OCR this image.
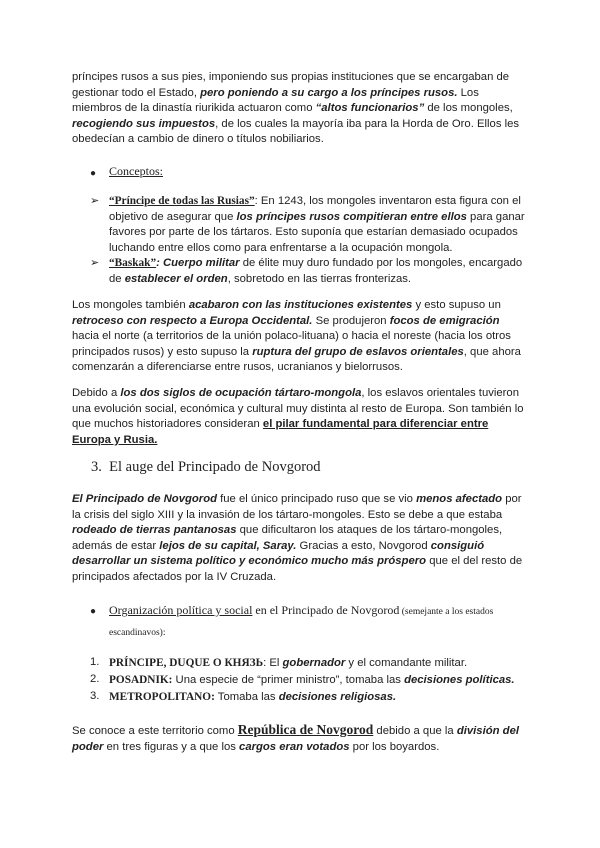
príncipes rusos a sus pies, imponiendo sus propias instituciones que se encargaban de gestionar todo el Estado, pero poniendo a su cargo a los príncipes rusos. Los miembros de la dinastía riurikida actuaron como “altos funcionarios” de los mongoles, recogiendo sus impuestos, de los cuales la mayoría iba para la Horda de Oro. Ellos les obedecían a cambio de dinero o títulos nobiliarios.
● Conceptos:
➢ “Príncipe de todas las Rusias”: En 1243, los mongoles inventaron esta figura con el objetivo de asegurar que los príncipes rusos compitieran entre ellos para ganar favores por parte de los tártaros. Esto suponía que estarían demasiado ocupados luchando entre ellos como para enfrentarse a la ocupación mongola.
➢ “Baskak”: Cuerpo militar de élite muy duro fundado por los mongoles, encargado de establecer el orden, sobretodo en las tierras fronterizas.
Los mongoles también acabaron con las instituciones existentes y esto supuso un retroceso con respecto a Europa Occidental. Se produjeron focos de emigración hacia el norte (a territorios de la unión polaco-lituana) o hacia el noreste (hacia los otros principados rusos) y esto supuso la ruptura del grupo de eslavos orientales, que ahora comenzarán a diferenciarse entre rusos, ucranianos y bielorrusos.
Debido a los dos siglos de ocupación tártaro-mongola, los eslavos orientales tuvieron una evolución social, económica y cultural muy distinta al resto de Europa. Son también lo que muchos historiadores consideran el pilar fundamental para diferenciar entre Europa y Rusia.
3. El auge del Principado de Novgorod
El Principado de Novgorod fue el único principado ruso que se vio menos afectado por la crisis del siglo XIII y la invasión de los tártaro-mongoles. Esto se debe a que estaba rodeado de tierras pantanosas que dificultaron los ataques de los tártaro-mongoles, además de estar lejos de su capital, Saray. Gracias a esto, Novgorod consiguió desarrollar un sistema político y económico mucho más próspero que el del resto de principados afectados por la IV Cruzada.
● Organización política y social en el Principado de Novgorod (semejante a los estados escandinavos):
1. PRÍNCIPE, DUQUE O КНЯЗЬ: El gobernador y el comandante militar.
2. POSADNIK: Una especie de “primer ministro”, tomaba las decisiones políticas.
3. METROPOLITANO: Tomaba las decisiones religiosas.
Se conoce a este territorio como República de Novgorod debido a que la división del poder en tres figuras y a que los cargos eran votados por los boyardos.
